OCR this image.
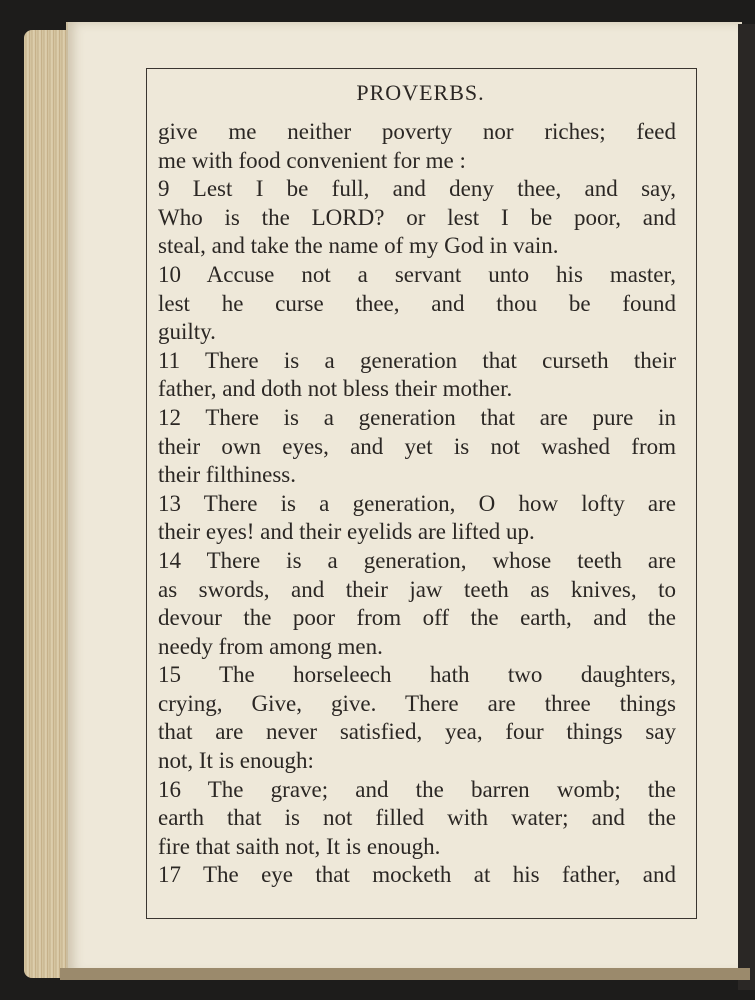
PROVERBS.
give me neither poverty nor riches; feed
me with food convenient for me :
9 Lest I be full, and deny thee, and say,
Who is the LORD? or lest I be poor, and
steal, and take the name of my God in vain.
10 Accuse not a servant unto his master,
lest he curse thee, and thou be found
guilty.
11 There is a generation that curseth their
father, and doth not bless their mother.
12 There is a generation that are pure in
their own eyes, and yet is not washed from
their filthiness.
13 There is a generation, O how lofty are
their eyes! and their eyelids are lifted up.
14 There is a generation, whose teeth are
as swords, and their jaw teeth as knives, to
devour the poor from off the earth, and the
needy from among men.
15 The horseleech hath two daughters,
crying, Give, give. There are three things
that are never satisfied, yea, four things say
not, It is enough:
16 The grave; and the barren womb; the
earth that is not filled with water; and the
fire that saith not, It is enough.
17 The eye that mocketh at his father, and
